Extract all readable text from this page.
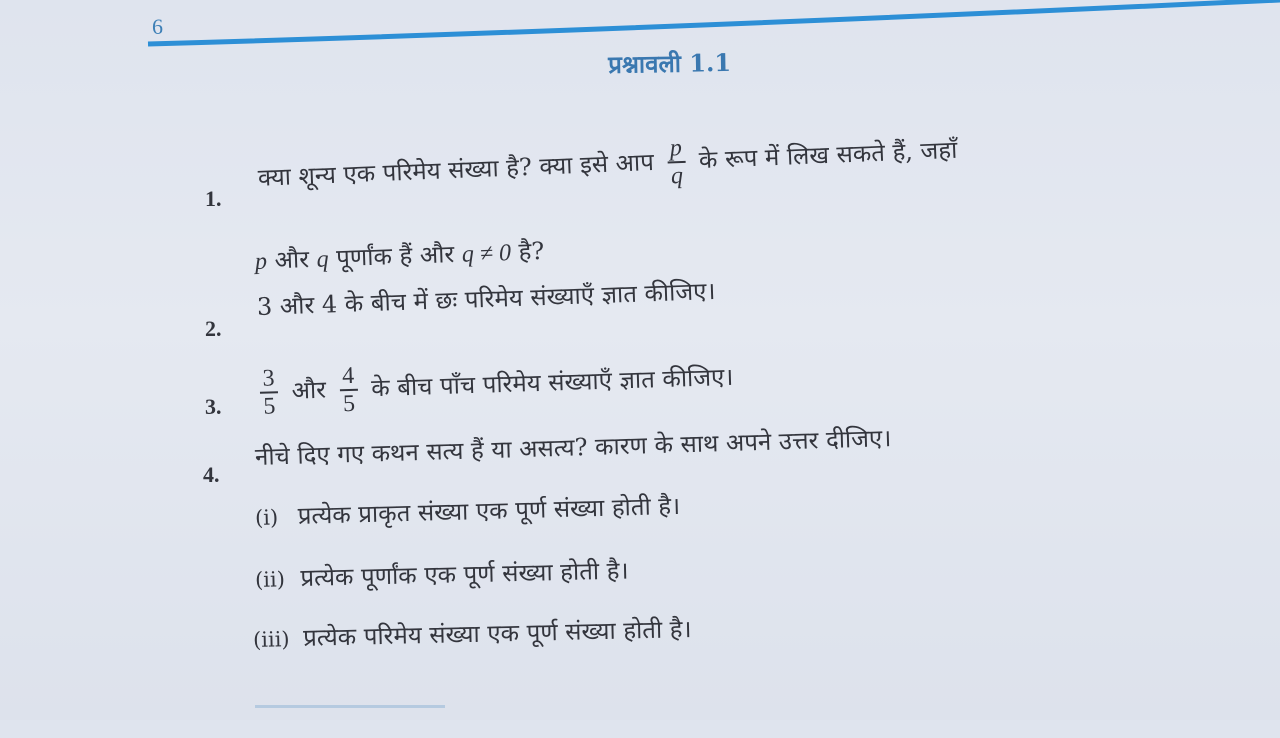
6
प्रश्नावली 1.1
1.
क्या शून्य एक परिमेय संख्या है? क्या इसे आप $\frac{p}{q}$ के रूप में लिख सकते हैं, जहाँ
p और q पूर्णांक हैं और q ≠ 0 है?
2.
3 और 4 के बीच में छः परिमेय संख्याएँ ज्ञात कीजिए।
3. $\frac{3}{5}$ और $\frac{4}{5}$ के बीच पाँच परिमेय संख्याएँ ज्ञात कीजिए।
4.
नीचे दिए गए कथन सत्य हैं या असत्य? कारण के साथ अपने उत्तर दीजिए।
(i) प्रत्येक प्राकृत संख्या एक पूर्ण संख्या होती है।
(ii) प्रत्येक पूर्णांक एक पूर्ण संख्या होती है।
(iii) प्रत्येक परिमेय संख्या एक पूर्ण संख्या होती है।
